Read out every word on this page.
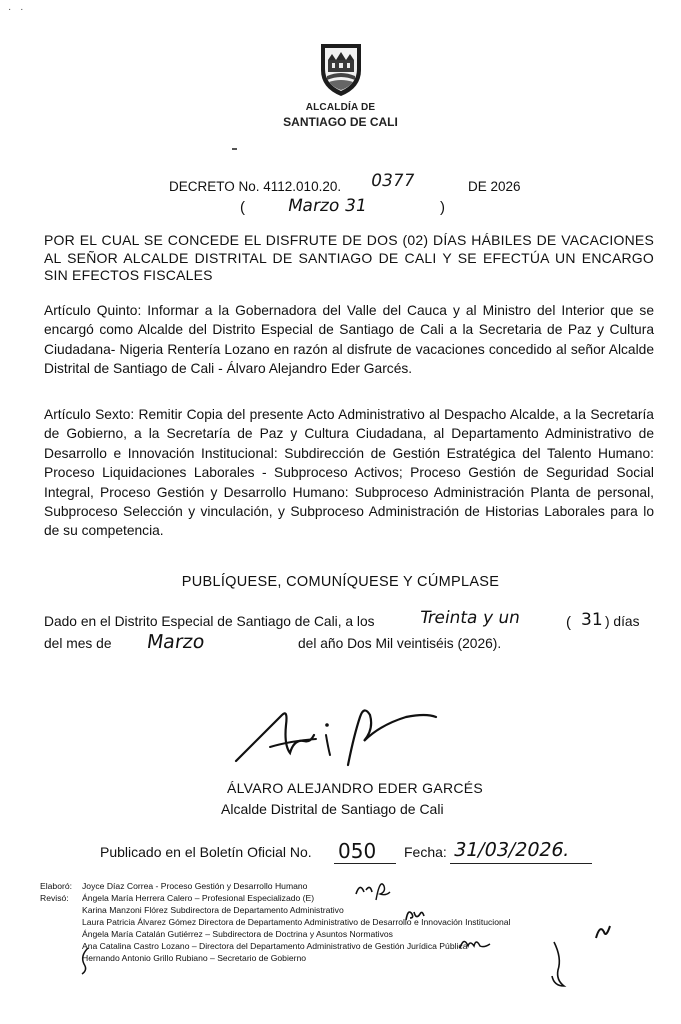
· ·
ALCALDÍA DE
SANTIAGO DE CALI
DECRETO No. 4112.010.20. 0377	DE 2026
( Marzo 31	)
POR EL CUAL SE CONCEDE EL DISFRUTE DE DOS (02) DÍAS HÁBILES DE VACACIONES AL SEÑOR ALCALDE DISTRITAL DE SANTIAGO DE CALI Y SE EFECTÚA UN ENCARGO SIN EFECTOS FISCALES

Artículo Quinto: Informar a la Gobernadora del Valle del Cauca y al Ministro del Interior que se encargó como Alcalde del Distrito Especial de Santiago de Cali a la Secretaria de Paz y Cultura Ciudadana- Nigeria Rentería Lozano en razón al disfrute de vacaciones concedido al señor Alcalde Distrital de Santiago de Cali - Álvaro Alejandro Eder Garcés.

Artículo Sexto: Remitir Copia del presente Acto Administrativo al Despacho Alcalde, a la Secretaría de Gobierno, a la Secretaría de Paz y Cultura Ciudadana, al Departamento Administrativo de Desarrollo e Innovación Institucional: Subdirección de Gestión Estratégica del Talento Humano: Proceso Liquidaciones Laborales - Subproceso Activos; Proceso Gestión de Seguridad Social Integral, Proceso Gestión y Desarrollo Humano: Subproceso Administración Planta de personal, Subproceso Selección y vinculación, y Subproceso Administración de Historias Laborales para lo de su competencia.

PUBLÍQUESE, COMUNÍQUESE Y CÚMPLASE
Dado en el Distrito Especial de Santiago de Cali, a los	Treinta y un	( 31 ) días
del mes de Marzo	del año Dos Mil veintiséis (2026).
ÁLVARO ALEJANDRO EDER GARCÉS
Alcalde Distrital de Santiago de Cali
Publicado en el Boletín Oficial No. 050 Fecha: 31/03/2026.
Elaboró: Joyce Díaz Correa - Proceso Gestión y Desarrollo Humano
Revisó: Ángela María Herrera Calero – Profesional Especializado (E)
Karina Manzoni Flórez Subdirectora de Departamento Administrativo
Laura Patricia Álvarez Gómez Directora de Departamento Administrativo de Desarrollo e Innovación Institucional
Ángela María Catalán Gutiérrez – Subdirectora de Doctrina y Asuntos Normativos
Ana Catalina Castro Lozano – Directora del Departamento Administrativo de Gestión Jurídica Pública
Hernando Antonio Grillo Rubiano – Secretario de Gobierno
